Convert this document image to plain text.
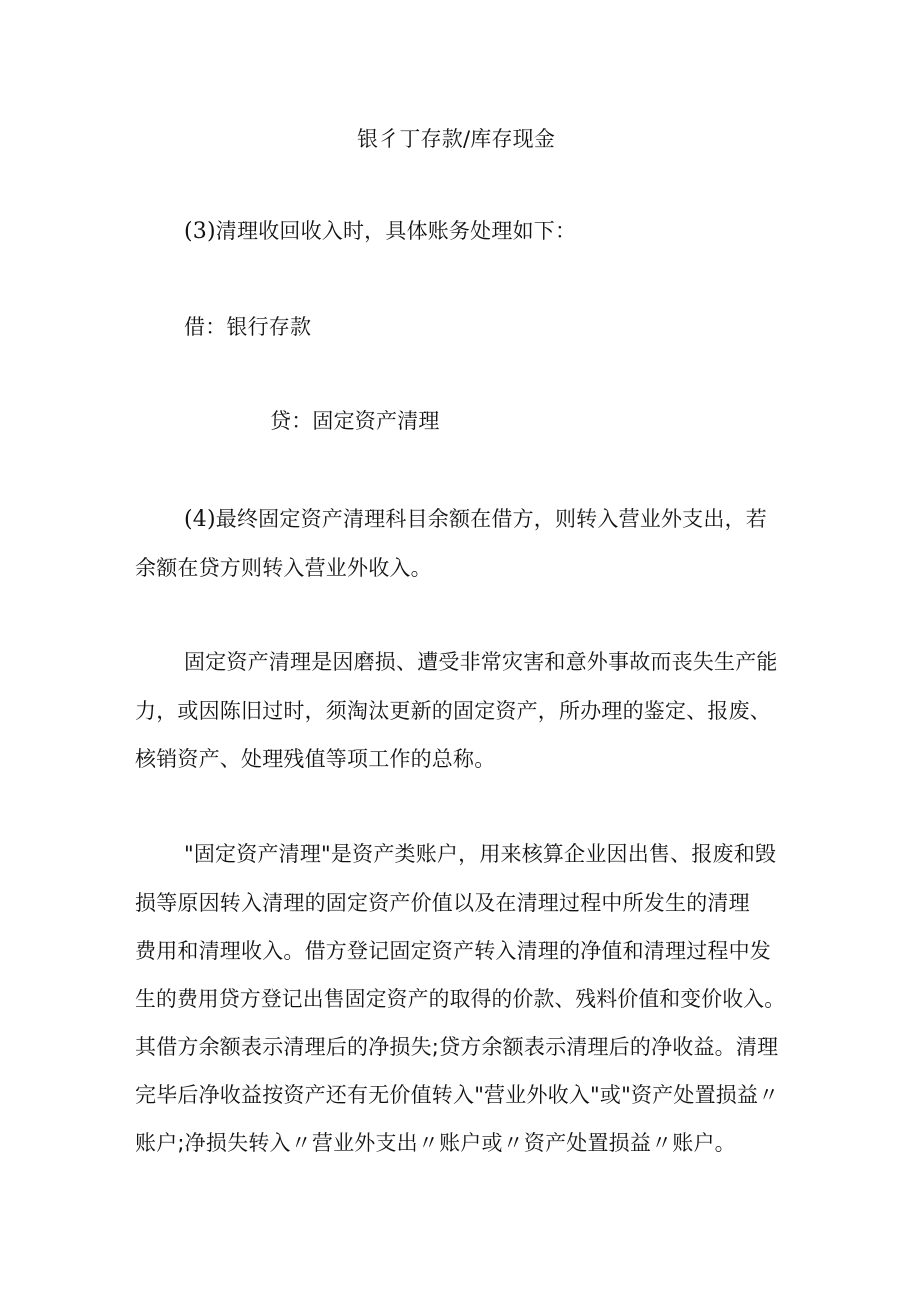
银彳丁存款/库存现金
(3)清理收回收入时，具体账务处理如下：
借：银行存款
贷：固定资产清理
(4)最终固定资产清理科目余额在借方，则转入营业外支出，若
余额在贷方则转入营业外收入。
固定资产清理是因磨损、遭受非常灾害和意外事故而丧失生产能
力，或因陈旧过时，须淘汰更新的固定资产，所办理的鉴定、报废、
核销资产、处理残值等项工作的总称。
"固定资产清理"是资产类账户，用来核算企业因出售、报废和毁
损等原因转入清理的固定资产价值以及在清理过程中所发生的清理
费用和清理收入。借方登记固定资产转入清理的净值和清理过程中发
生的费用贷方登记出售固定资产的取得的价款、残料价值和变价收入。
其借方余额表示清理后的净损失;贷方余额表示清理后的净收益。清理
完毕后净收益按资产还有无价值转入"营业外收入"或"资产处置损益〃
账户;净损失转入〃营业外支出〃账户或〃资产处置损益〃账户。
